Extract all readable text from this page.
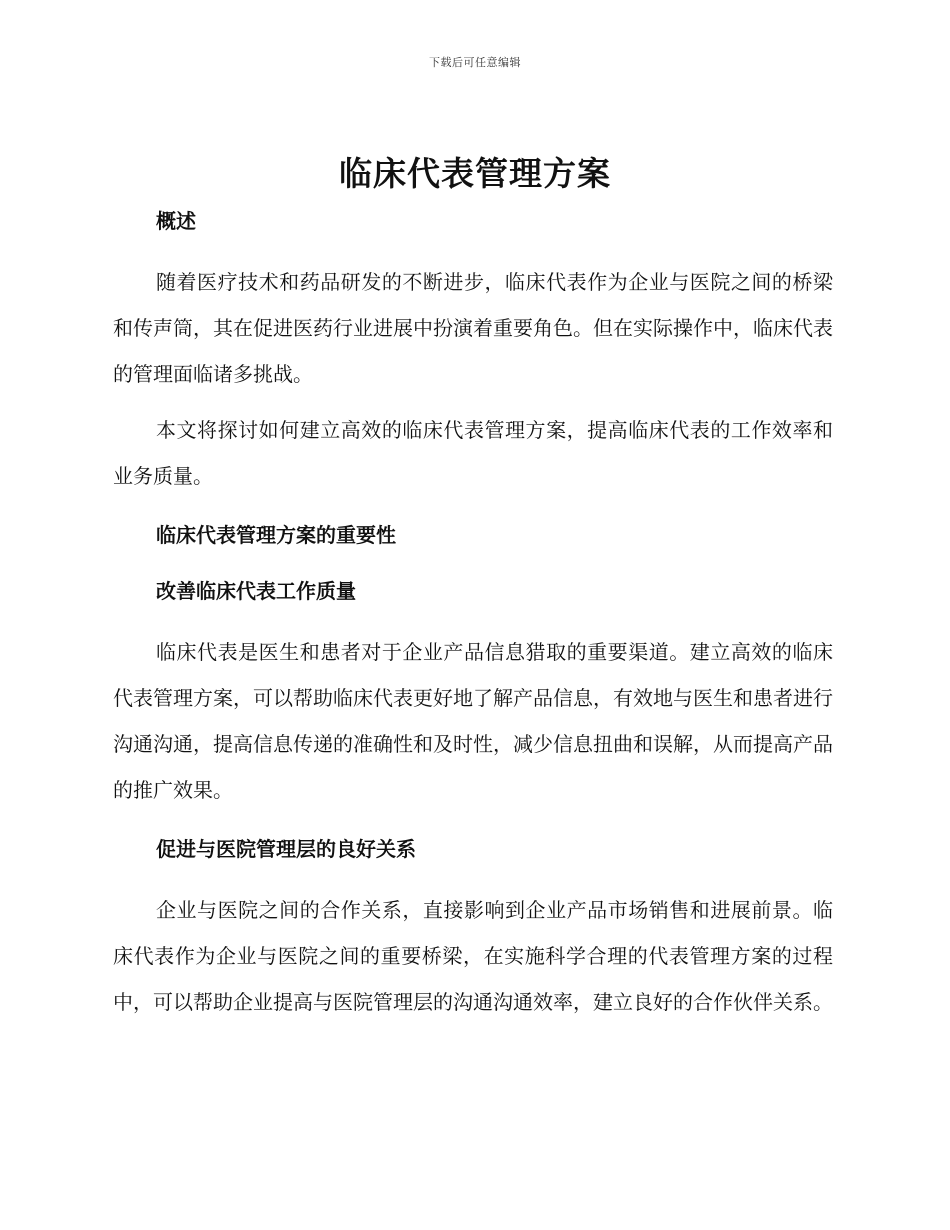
下载后可任意编辑
临床代表管理方案
概述

随着医疗技术和药品研发的不断进步，临床代表作为企业与医院之间的桥梁和传声筒，其在促进医药行业进展中扮演着重要角色。但在实际操作中，临床代表的管理面临诸多挑战。

本文将探讨如何建立高效的临床代表管理方案，提高临床代表的工作效率和业务质量。

临床代表管理方案的重要性
改善临床代表工作质量

临床代表是医生和患者对于企业产品信息猎取的重要渠道。建立高效的临床代表管理方案，可以帮助临床代表更好地了解产品信息，有效地与医生和患者进行沟通沟通，提高信息传递的准确性和及时性，减少信息扭曲和误解，从而提高产品的推广效果。

促进与医院管理层的良好关系

企业与医院之间的合作关系，直接影响到企业产品市场销售和进展前景。临床代表作为企业与医院之间的重要桥梁，在实施科学合理的代表管理方案的过程中，可以帮助企业提高与医院管理层的沟通沟通效率，建立良好的合作伙伴关系。
